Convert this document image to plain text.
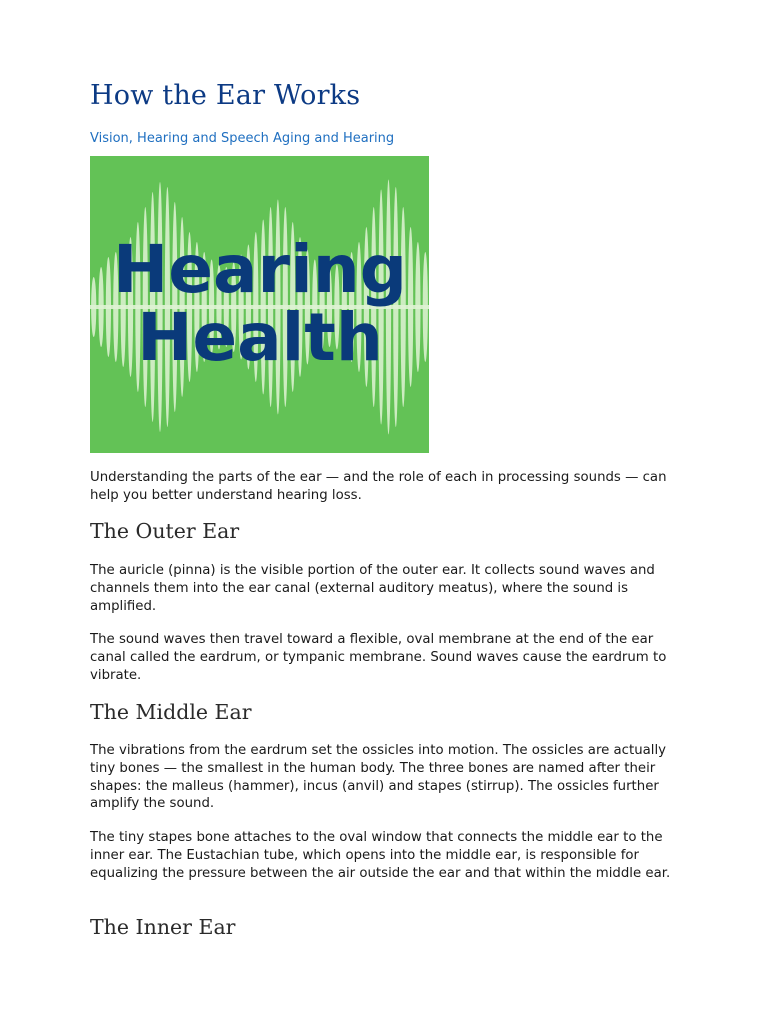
How the Ear Works
Vision, Hearing and Speech Aging and Hearing
Hearing
Health

Understanding the parts of the ear — and the role of each in processing sounds — can help you better understand hearing loss.

The Outer Ear

The auricle (pinna) is the visible portion of the outer ear. It collects sound waves and channels them into the ear canal (external auditory meatus), where the sound is amplified.

The sound waves then travel toward a flexible, oval membrane at the end of the ear canal called the eardrum, or tympanic membrane. Sound waves cause the eardrum to vibrate.

The Middle Ear

The vibrations from the eardrum set the ossicles into motion. The ossicles are actually tiny bones — the smallest in the human body. The three bones are named after their shapes: the malleus (hammer), incus (anvil) and stapes (stirrup). The ossicles further amplify the sound.

The tiny stapes bone attaches to the oval window that connects the middle ear to the inner ear. The Eustachian tube, which opens into the middle ear, is responsible for equalizing the pressure between the air outside the ear and that within the middle ear.

The Inner Ear
